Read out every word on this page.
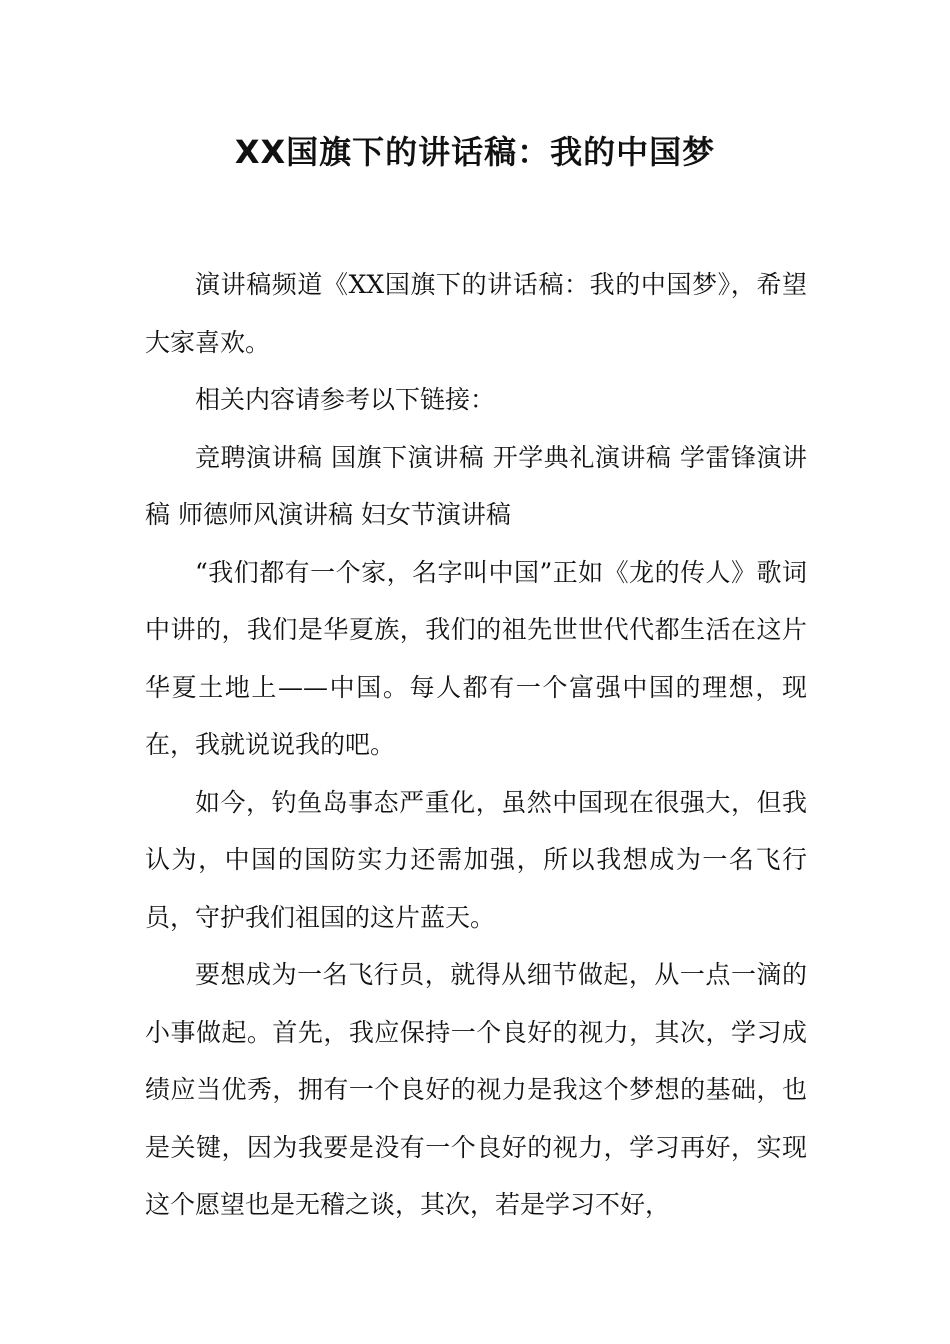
XX国旗下的讲话稿：我的中国梦

演讲稿频道《XX国旗下的讲话稿：我的中国梦》，希望大家喜欢。

相关内容请参考以下链接：

竞聘演讲稿 国旗下演讲稿 开学典礼演讲稿 学雷锋演讲稿 师德师风演讲稿 妇女节演讲稿

“我们都有一个家，名字叫中国”正如《龙的传人》歌词中讲的，我们是华夏族，我们的祖先世世代代都生活在这片华夏土地上——中国。每人都有一个富强中国的理想，现在，我就说说我的吧。

如今，钓鱼岛事态严重化，虽然中国现在很强大，但我认为，中国的国防实力还需加强，所以我想成为一名飞行员，守护我们祖国的这片蓝天。

要想成为一名飞行员，就得从细节做起，从一点一滴的小事做起。首先，我应保持一个良好的视力，其次，学习成绩应当优秀，拥有一个良好的视力是我这个梦想的基础，也是关键，因为我要是没有一个良好的视力，学习再好，实现这个愿望也是无稽之谈，其次，若是学习不好，
